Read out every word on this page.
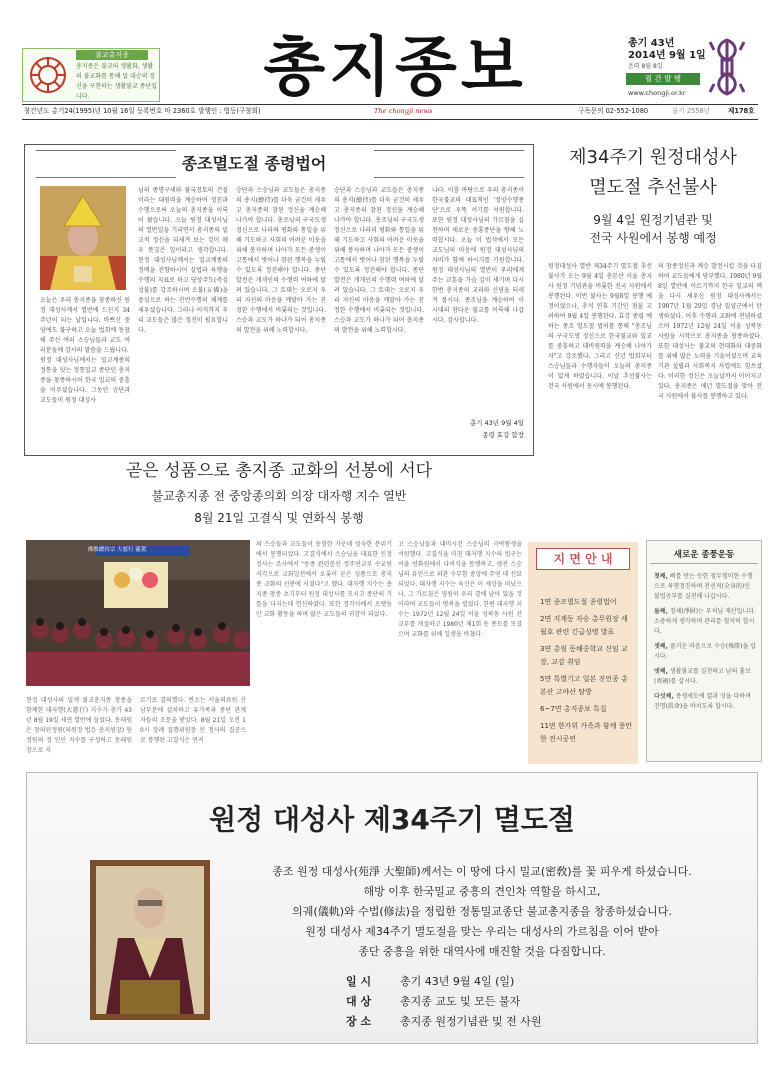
불교총지종
총지종은 불교의 생활화, 생활의 불교화를 통해 밀 대승의 정신을 구현하는 생활불교 종단입니다.	총지종보	총기 43년
2014년 9월 1일
음력 8월 8일
월 간 발 행
www.chongji.or.kr
창간년도 총기24(1995)년 10월 16일 등록번호 마 2360호 발행인 : 법등(구창회)	The chongji news	구독문의 02-552-1080	불기 2558년	제178호
종조멸도절 종령법어
오늘은 우리 총지종을 창종하신 원정 대성사께서 열반에 드신지 34주년이 되는 날입니다. 바쁘신 중임에도 불구하고 오늘 법회에 동참해 주신 여러 스승님들과 교도 여러분들께 감사의 말씀을 드립니다.
원정 대성사님께서는 밀교계종의 정통을 잇는 정통밀교 종단인 총지종을 창종하시어 한국 밀교의 중흥을 이루셨습니다. 그동안 승단과 교도들이 원정 대성사
님의 종명구세와 불국정토의 건설이라는 대원력을 계승하여 정진과 수행으로써 오늘의 총지종을 이룩어 왔습니다. 오늘 원정 대성사님의 열반일을 기리면서 총지종의 밀교적 정신을 되새겨 보는 것이 매우 뜻깊은 일이라고 생각합니다. 현정 대성사님께서는 밀교계종의 정맥을 전향하시어 실법과 육행을 수행의 지표로 하고 당상주도(즉심성불)를 강조하시며 오불(五佛)을 중심으로 하는 진언수행의 체계를 세우셨습니다. 그러나 아직까지 우리 교도들은 많은 정진이 필요합니다.
승단과 스승님과 교도들은 총지종의 총지(總持)를 더욱 굳건히 세우고 총지종의 참된 정신을 계승해 나가야 합니다. 총조님의 구국도생 정신으로 나라의 평화와 통일을 위해 기도하고 사회의 어려운 이웃을 위해 봉사하며 나아가 모든 중생이 고통에서 벗어나 참된 행복을 누릴 수 있도록 정진해야 합니다. 종단발전은 개개인의 수행력 여하에 달려 있습니다. 그 토대는 오로지 우리 자신의 마음을 깨달아 가는 진정한 수행에서 비롯되는 것입니다. 스승과 교도가 하나가 되어 총지종의 발전을 위해 노력합시다.
승단과 스승님과 교도들은 총지종의 총지(總持)를 더욱 굳건히 세우고 총지종의 참된 정신을 계승해 나가야 합니다. 총조님의 구국도생 정신으로 나라의 평화와 통일을 위해 기도하고 사회의 어려운 이웃을 위해 봉사하며 나아가 모든 중생이 고통에서 벗어나 참된 행복을 누릴 수 있도록 정진해야 합니다. 종단발전은 개개인의 수행력 여하에 달려 있습니다. 그 토대는 오로지 우리 자신의 마음을 깨달아 가는 진정한 수행에서 비롯되는 것입니다. 스승과 교도가 하나가 되어 총지종의 발전을 위해 노력합시다.
나다. 이룸 바탕으로 우리 총지종이 한국불교의 대표적인 '정양수행종단'으로 우뚝 서기를 서원합니다. 또한 원정 대성사님의 가르침을 실천하며 새로운 중흥종단을 향해 노력합시다. 오늘 이 법석에서 모든 교도님의 마음에 원정 대성사님의 자비가 함께 하시기를 기원합니다. 원정 대성사님의 열반이 우리에게 주는 교훈을 가슴 깊이 새기며 다시 한번 총지종의 교리와 신념을 되새겨 봅시다. 종조님을 계승하여 이 시대의 참다운 불교를 이룩해 나갑시다. 감사합니다.
총기 43년 9월 4일
종령 효강 합장
제34주기 원정대성사
멸도절 추선불사
9월 4일 원정기념관 및
전국 사원에서 봉행 예정
원정대성사 열반 제34주기 멸도절 추선불사가 오는 9월 4일 총본산 서울 총지사 원정 기념관을 비롯한 전국 사원에서 봉행된다. 이번 불사는 9월8일 봉행 예정이었으나, 추석 연휴 기간인 점을 고려하여 9월 4일 봉행한다. 효강 종령 예하는 종조 멸도절 법어를 통해 "총조님의 구국도생 정신으로 한국불교와 밀교를 중흥하고 대비원력을 계승해 나아가자"고 강조했다. 그리고 신년 법회부터 스승님들과 수행자들이 오늘의 총지종이 있게 하였습니다. 이날 추선불사는 전국 사원에서 동시에 봉행된다.
의 창종정신과 계승 발전시킬 것을 다짐하며 교도들에게 당부했다. 1980년 9월 8일 열반에 이르기까지 한국 밀교의 맥을 다시 세우신 원정 대성사께서는 1907년 1월 29일 경남 밀양군에서 탄생하셨다. 이후 수행과 교화에 전념하셨으며 1972년 12월 24일 서울 성북동 사원을 시작으로 총지종을 창종하셨다. 또한 대성사는 불교의 현대화와 대중화를 위해 많은 노력을 기울이셨으며 교육기관 설립과 사회복지 사업에도 힘쓰셨다. 이러한 정신은 오늘날까지 이어지고 있다. 총지종은 매년 멸도절을 맞아 전국 사원에서 불사를 봉행하고 있다.
곧은 성품으로 총지종 교화의 선봉에 서다
불교총지종 전 중앙종의회 의장 대자행 지수 열반
8월 21일 고결식 및 연화식 봉행
佛敎總持宗 大慈行 靈駕
현정 대성사의 밀게 불교총지종 창종을 함께한 대자행(大慈行) 지수가 총기 43년 8월 19일 세연 열반에 들었다. 동래원은 창의원정원(의원장 법등 총지원장) 원정원의 정 인인 지수를 구성하고 동래원장으로 치
르기로 결의했다. 빈소는 서울의료원 신남부분에 설치하고 유가족과 종단 관계자들의 조문을 받았다. 8월 21일 오전 10시 장례 집행위원장 인 정사의 집공으로 봉행된 고결식은 먼저
의 스승들과 교도들이 동참한 가운데 엄숙한 분위기에서 봉행되었다. 고결식에서 스승님을 대표한 인정정사는 조사에서 "동종 관련분인 정주연교부 수교원 서각으로 교화일선에서 오롯이 곧은 성품으로 총지종 교화의 선봉에 서셨다"고 했다. 대자행 지수는 총지종 창종 초기부터 원정 대성사를 모시고 종단의 기틀을 다지는데 헌신하였다. 또한 정각사에서 오랫동안 교화 활동을 하며 많은 교도들의 귀감이 되었다.
고 스승님들과 대비시킨 스승님의 극락왕생을 서원했다. 고결식을 마친 대자행 지수의 법구는 서울 연화원에서 다비식을 봉행하고, 생전 스승님의 유언으로 외관 수무함 중앙에 주연 데 선묘되었다. 대자행 지수는 육신은 이 세상을 떠났으나, 그 가르침은 영원히 우리 곁에 남아 있을 것이라며 교도들이 명복을 빌었다. 한편 대자행 지수는 1972년 12월 24일 서울 성북동 사원 선교부를 개설하고 1980년 제1회 동 종도를 모셨으며 교화를 위해 일생을 바쳤다.
지 면 안 내
1면 종조멸도절 종령법어
2면 지계동 자승 총무원장 세월호 관련 긴급성명 발표
3면 총림 동해중학교 신임 교장, 교감 취임
5면 특별기고 일본 진언종 총본산 고야산 탐방
6~7면 총지종보 특집
11면 한가위 가족과 함께 풍만한 전시공연
새로운 종풍운동
첫째, 삐를 만는 듯한 철두철미한 수행으로 육행정진하며 전선적(全身的)인 불법공부를 실천해 나갑시다.
둘째, 정체(淨財)는 부처님 재산입니다. 소중하게 생각하며 관리를 철저히 합시다.
셋째, 즐거운 마음으로 수승(殊勝)을 삽시다.
넷째, 생활불교를 실천하고 남의 흉보(喪禍)를 삽시다.
다섯째, 종생세도에 열과 성을 다하며 진명(眞命)을 바치도록 합시다.
원정 대성사 제34주기 멸도절
종조 원정 대성사(苑淨 大聖師)께서는 이 땅에 다시 밀교(密敎)를 꽃 피우게 하셨습니다.
해방 이후 한국밀교 중흥의 견인차 역할을 하시고,
의궤(儀軌)와 수법(修法)을 정립한 정통밀교종단 불교총지종을 창종하셨습니다.
원정 대성사 제34주기 멸도절을 맞는 우리는 대성사의 가르침을 이어 받아
종단 중흥을 위한 대역사에 매진할 것을 다짐합니다.
일 시	총기 43년 9월 4일 (일)
대 상	총지종 교도 및 모든 불자
장 소	총지종 원정기념관 및 전 사원
